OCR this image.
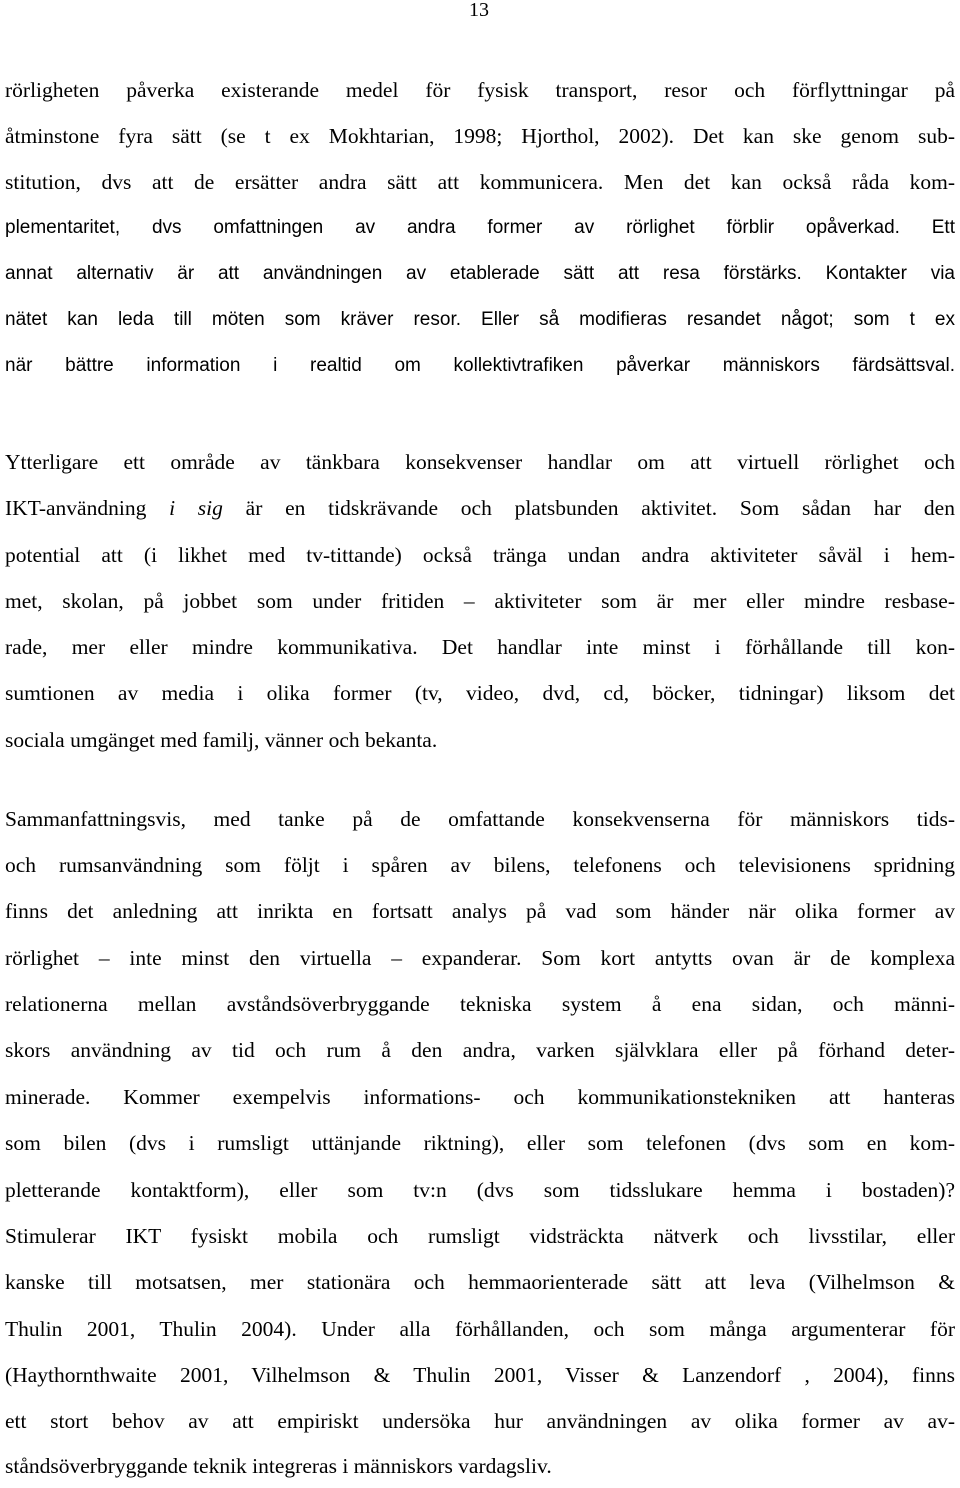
13
rörligheten påverka existerande medel för fysisk transport, resor och förflyttningar på
åtminstone fyra sätt (se t ex Mokhtarian, 1998; Hjorthol, 2002). Det kan ske genom sub-
stitution, dvs att de ersätter andra sätt att kommunicera. Men det kan också råda kom-
plementaritet, dvs omfattningen av andra former av rörlighet förblir opåverkad. Ett
annat alternativ är att användningen av etablerade sätt att resa förstärks. Kontakter via
nätet kan leda till möten som kräver resor. Eller så modifieras resandet något; som t ex
när bättre information i realtid om kollektivtrafiken påverkar människors färdsättsval.
Ytterligare ett område av tänkbara konsekvenser handlar om att virtuell rörlighet och
IKT-användning i sig är en tidskrävande och platsbunden aktivitet. Som sådan har den
potential att (i likhet med tv-tittande) också tränga undan andra aktiviteter såväl i hem-
met, skolan, på jobbet som under fritiden – aktiviteter som är mer eller mindre resbase-
rade, mer eller mindre kommunikativa. Det handlar inte minst i förhållande till kon-
sumtionen av media i olika former (tv, video, dvd, cd, böcker, tidningar) liksom det
sociala umgänget med familj, vänner och bekanta.
Sammanfattningsvis, med tanke på de omfattande konsekvenserna för människors tids-
och rumsanvändning som följt i spåren av bilens, telefonens och televisionens spridning
finns det anledning att inrikta en fortsatt analys på vad som händer när olika former av
rörlighet – inte minst den virtuella – expanderar. Som kort antytts ovan är de komplexa
relationerna mellan avståndsöverbryggande tekniska system å ena sidan, och männi-
skors användning av tid och rum å den andra, varken självklara eller på förhand deter-
minerade. Kommer exempelvis informations- och kommunikationstekniken att hanteras
som bilen (dvs i rumsligt uttänjande riktning), eller som telefonen (dvs som en kom-
pletterande kontaktform), eller som tv:n (dvs som tidsslukare hemma i bostaden)?
Stimulerar IKT fysiskt mobila och rumsligt vidsträckta nätverk och livsstilar, eller
kanske till motsatsen, mer stationära och hemmaorienterade sätt att leva (Vilhelmson &
Thulin 2001, Thulin 2004). Under alla förhållanden, och som många argumenterar för
(Haythornthwaite 2001, Vilhelmson & Thulin 2001, Visser & Lanzendorf , 2004), finns
ett stort behov av att empiriskt undersöka hur användningen av olika former av av-
ståndsöverbryggande teknik integreras i människors vardagsliv.
